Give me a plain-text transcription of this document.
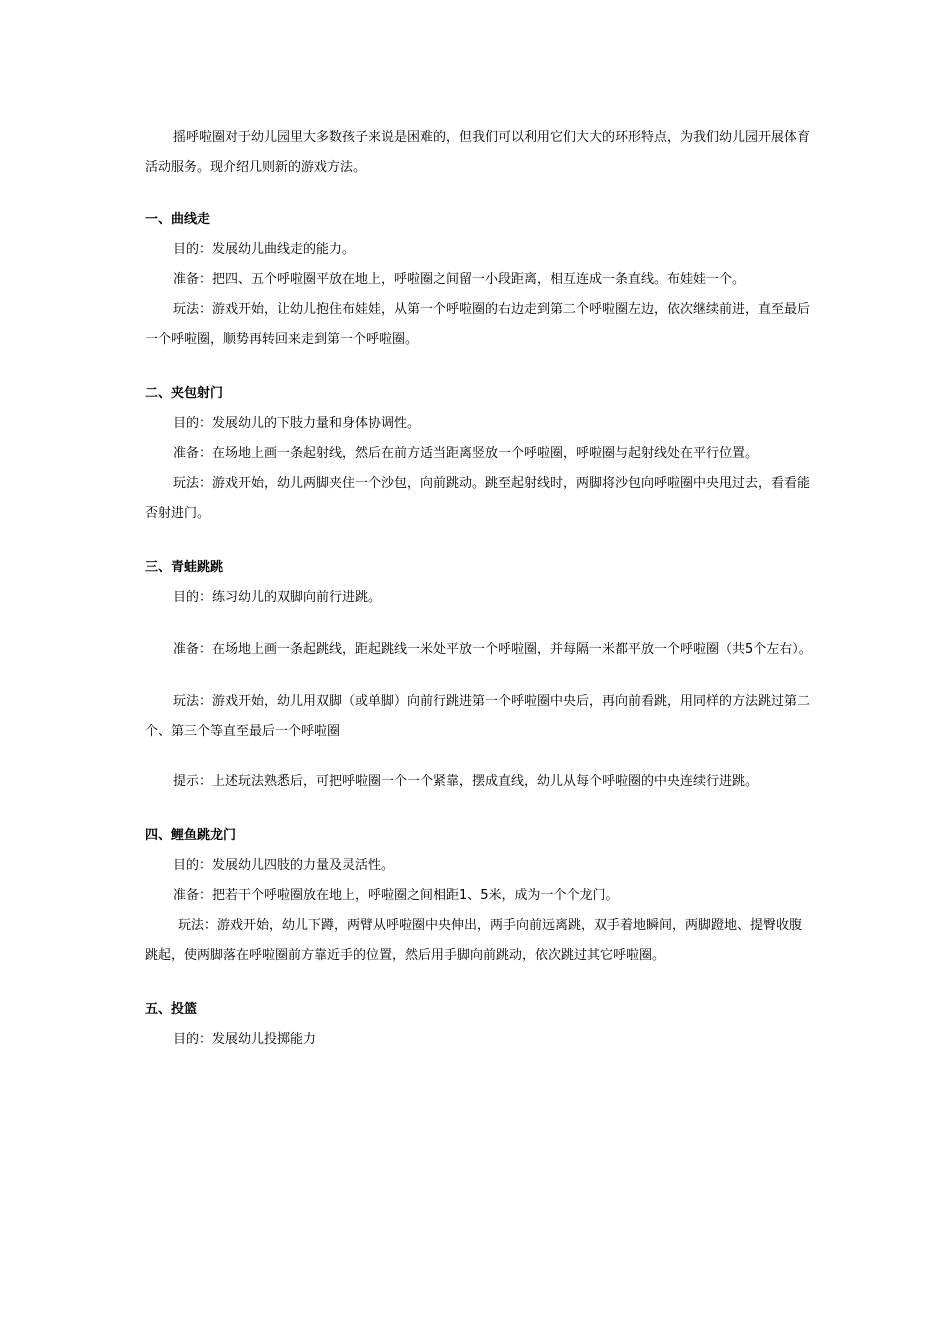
摇呼啦圈对于幼儿园里大多数孩子来说是困难的，但我们可以利用它们大大的环形特点，为我们幼儿园开展体育活动服务。现介绍几则新的游戏方法。

一、曲线走

目的：发展幼儿曲线走的能力。

准备：把四、五个呼啦圈平放在地上，呼啦圈之间留一小段距离，相互连成一条直线。布娃娃一个。

玩法：游戏开始，让幼儿抱住布娃娃，从第一个呼啦圈的右边走到第二个呼啦圈左边，依次继续前进，直至最后一个呼啦圈，顺势再转回来走到第一个呼啦圈。

二、夹包射门

目的：发展幼儿的下肢力量和身体协调性。

准备：在场地上画一条起射线，然后在前方适当距离竖放一个呼啦圈，呼啦圈与起射线处在平行位置。

玩法：游戏开始，幼儿两脚夹住一个沙包，向前跳动。跳至起射线时，两脚将沙包向呼啦圈中央甩过去，看看能否射进门。

三、青蛙跳跳

目的：练习幼儿的双脚向前行进跳。

准备：在场地上画一条起跳线，距起跳线一米处平放一个呼啦圈，并每隔一米都平放一个呼啦圈（共5个左右）。

玩法：游戏开始，幼儿用双脚（或单脚）向前行跳进第一个呼啦圈中央后，再向前看跳，用同样的方法跳过第二个、第三个等直至最后一个呼啦圈

提示：上述玩法熟悉后，可把呼啦圈一个一个紧靠，摆成直线，幼儿从每个呼啦圈的中央连续行进跳。

四、鲤鱼跳龙门

目的：发展幼儿四肢的力量及灵活性。

准备：把若干个呼啦圈放在地上，呼啦圈之间相距1、5米，成为一个个龙门。

玩法：游戏开始，幼儿下蹲，两臂从呼啦圈中央伸出，两手向前远离跳，双手着地瞬间，两脚蹬地、提臀收腹跳起，使两脚落在呼啦圈前方靠近手的位置，然后用手脚向前跳动，依次跳过其它呼啦圈。

五、投篮

目的：发展幼儿投掷能力
